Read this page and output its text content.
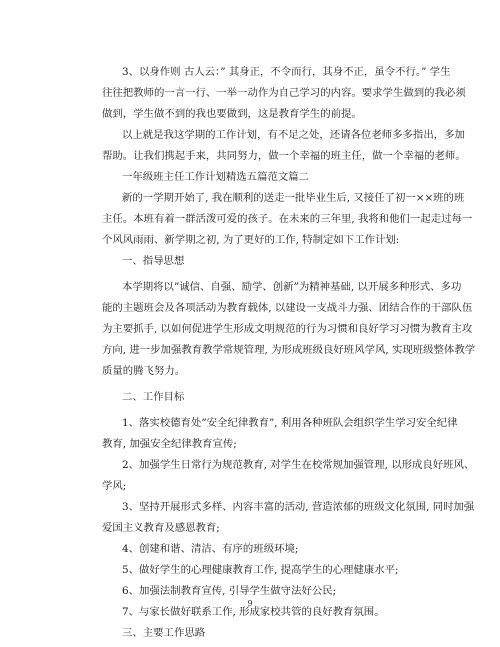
3、以身作则 古人云：” 其身正，不令而行，其身不正，虽令不行。” 学生

往往把教师的一言一行、一举一动作为自己学习的内容。要求学生做到的我必须

做到，学生做不到的我也要做到，这是教育学生的前提。

以上就是我这学期的工作计划，有不足之处，还请各位老师多多指出，多加

帮助。让我们携起手来，共同努力，做一个幸福的班主任，做一个幸福的老师。

一年级班主任工作计划精选五篇范文篇二

新的一学期开始了, 我在顺利的送走一批毕业生后, 又接任了初一××班的班

主任。本班有着一群活泼可爱的孩子。在未来的三年里, 我将和他们一起走过每一

个风风雨雨、新学期之初, 为了更好的工作, 特制定如下工作计划:

一、指导思想

本学期将以”诚信、自强、励学、创新”为精神基础, 以开展多种形式、多功

能的主题班会及各项活动为教育载体, 以建设一支战斗力强、团结合作的干部队伍

为主要抓手, 以如何促进学生形成文明规范的行为习惯和良好学习习惯为教育主攻

方向, 进一步加强教育教学常规管理, 为形成班级良好班风学风, 实现班级整体教学

质量的腾飞努力。

二、工作目标

1、落实校德育处”安全纪律教育”, 利用各种班队会组织学生学习安全纪律

教育, 加强安全纪律教育宣传;

2、加强学生日常行为规范教育, 对学生在校常规加强管理, 以形成良好班风、

学风;

3、坚持开展形式多样、内容丰富的活动, 营造浓郁的班级文化氛围, 同时加强

爱国主义教育及感恩教育;

4、创建和谐、清洁、有序的班级环境;

5、做好学生的心理健康教育工作, 提高学生的心理健康水平;

6、加强法制教育宣传, 引导学生做守法好公民;

7、与家长做好联系工作, 形成家校共管的良好教育氛围。

三、主要工作思路

9
